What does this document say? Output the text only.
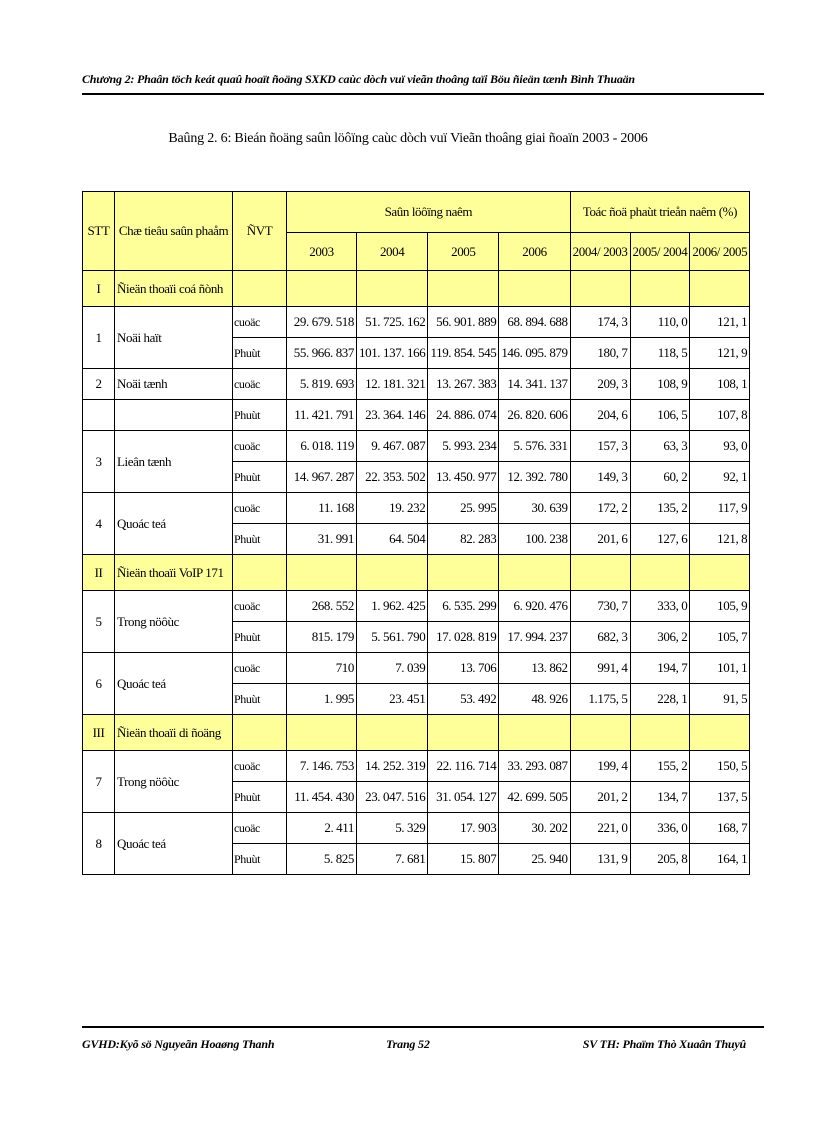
Chương 2: Phaân töch keát quaû hoaït ñoäng SXKD caùc dòch vuï vieãn thoâng taïi Böu ñieän tænh Bình Thuaän
Baûng 2. 6: Bieán ñoäng saûn löôïng caùc dòch vuï Vieãn thoâng giai ñoaïn 2003 - 2006
STT	Chæ tieâu saûn phaåm	ÑVT	Saûn löôïng naêm				Toác ñoä phaùt trieån naêm (%)		
			2003	2004	2005	2006	2004/ 2003	2005/ 2004	2006/ 2005
I	Ñieän thoaïi coá ñònh								
1	Noäi haït	cuoäc	29. 679. 518	51. 725. 162	56. 901. 889	68. 894. 688	174, 3	110, 0	121, 1
		Phuùt	55. 966. 837	101. 137. 166	119. 854. 545	146. 095. 879	180, 7	118, 5	121, 9
2	Noäi tænh	cuoäc	5. 819. 693	12. 181. 321	13. 267. 383	14. 341. 137	209, 3	108, 9	108, 1
		Phuùt	11. 421. 791	23. 364. 146	24. 886. 074	26. 820. 606	204, 6	106, 5	107, 8
3	Lieân tænh	cuoäc	6. 018. 119	9. 467. 087	5. 993. 234	5. 576. 331	157, 3	63, 3	93, 0
		Phuùt	14. 967. 287	22. 353. 502	13. 450. 977	12. 392. 780	149, 3	60, 2	92, 1
4	Quoác teá	cuoäc	11. 168	19. 232	25. 995	30. 639	172, 2	135, 2	117, 9
		Phuùt	31. 991	64. 504	82. 283	100. 238	201, 6	127, 6	121, 8
II	Ñieän thoaïi VoIP 171								
5	Trong nöôùc	cuoäc	268. 552	1. 962. 425	6. 535. 299	6. 920. 476	730, 7	333, 0	105, 9
		Phuùt	815. 179	5. 561. 790	17. 028. 819	17. 994. 237	682, 3	306, 2	105, 7
6	Quoác teá	cuoäc	710	7. 039	13. 706	13. 862	991, 4	194, 7	101, 1
		Phuùt	1. 995	23. 451	53. 492	48. 926	1.175, 5	228, 1	91, 5
III	Ñieän thoaïi di ñoäng								
7	Trong nöôùc	cuoäc	7. 146. 753	14. 252. 319	22. 116. 714	33. 293. 087	199, 4	155, 2	150, 5
		Phuùt	11. 454. 430	23. 047. 516	31. 054. 127	42. 699. 505	201, 2	134, 7	137, 5
8	Quoác teá	cuoäc	2. 411	5. 329	17. 903	30. 202	221, 0	336, 0	168, 7
		Phuùt	5. 825	7. 681	15. 807	25. 940	131, 9	205, 8	164, 1
GVHD:Kyõ sö Nguyeãn Hoaøng Thanh	Trang 52	SV TH: Phaïm Thò Xuaân Thuyû
